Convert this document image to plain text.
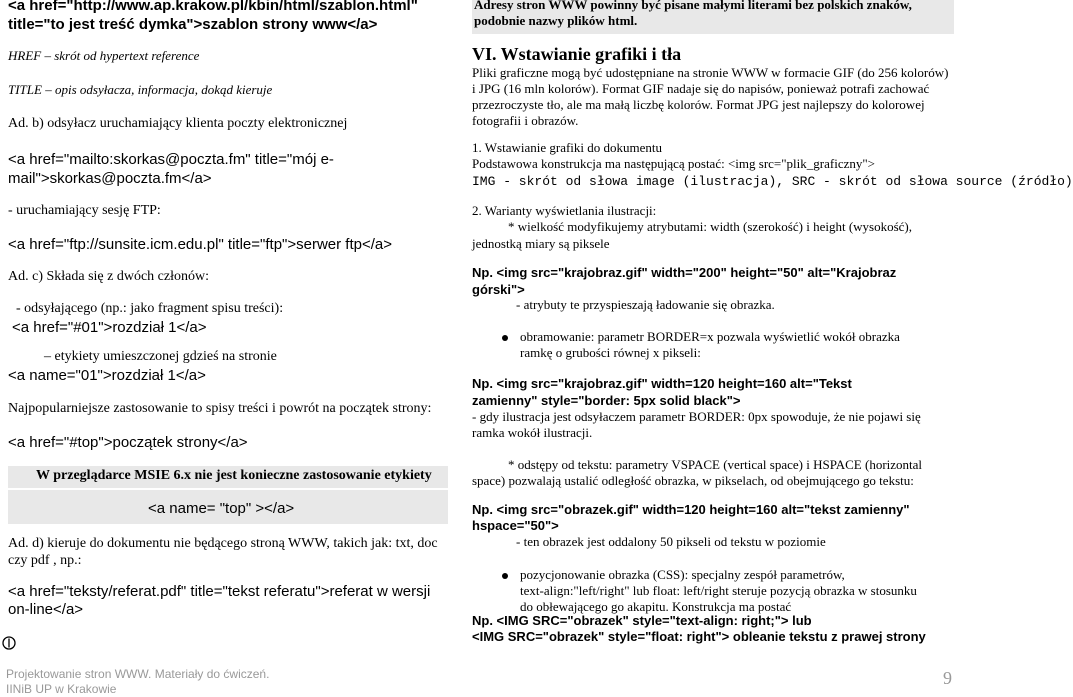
<a href="http://www.ap.krakow.pl/kbin/html/szablon.html"
title="to jest treść dymka">szablon strony www</a>
HREF – skrót od hypertext reference
TITLE – opis odsyłacza, informacja, dokąd kieruje
Ad. b) odsyłacz uruchamiający klienta poczty elektronicznej
<a href="mailto:skorkas@poczta.fm" title="mój e-
mail">skorkas@poczta.fm</a>
- uruchamiający sesję FTP:
<a href="ftp://sunsite.icm.edu.pl" title="ftp">serwer ftp</a>
Ad. c) Składa się z dwóch członów:
- odsyłającego (np.: jako fragment spisu treści):
<a href="#01">rozdział 1</a>
– etykiety umieszczonej gdzieś na stronie
<a name="01">rozdział 1</a>
Najpopularniejsze zastosowanie to spisy treści i powrót na początek strony:
<a href="#top">początek strony</a>
W przeglądarce MSIE 6.x nie jest konieczne zastosowanie etykiety
<a name= "top" ></a>
Ad. d) kieruje do dokumentu nie będącego stroną WWW, takich jak: txt, doc
czy pdf , np.:
<a href="teksty/referat.pdf" title="tekst referatu">referat w wersji
on-line</a>
Adresy stron WWW powinny być pisane małymi literami bez polskich znaków,
podobnie nazwy plików html.
VI. Wstawianie grafiki i tła
Pliki graficzne mogą być udostępniane na stronie WWW w formacie GIF (do 256 kolorów)
i JPG (16 mln kolorów). Format GIF nadaje się do napisów, ponieważ potrafi zachować
przezroczyste tło, ale ma małą liczbę kolorów. Format JPG jest najlepszy do kolorowej
fotografii i obrazów.
1. Wstawianie grafiki do dokumentu
Podstawowa konstrukcja ma następującą postać: <img src="plik_graficzny">
IMG - skrót od słowa image (ilustracja), SRC - skrót od słowa source (źródło)
2. Warianty wyświetlania ilustracji:
* wielkość modyfikujemy atrybutami: width (szerokość) i height (wysokość),
jednostką miary są piksele
Np. <img src="krajobraz.gif" width="200" height="50" alt="Krajobraz
górski">
- atrybuty te przyspieszają ładowanie się obrazka.
obramowanie: parametr BORDER=x pozwala wyświetlić wokół obrazka
ramkę o grubości równej x pikseli:
Np. <img src="krajobraz.gif" width=120 height=160 alt="Tekst
zamienny" style="border: 5px solid black">
- gdy ilustracja jest odsyłaczem parametr BORDER: 0px spowoduje, że nie pojawi się
ramka wokół ilustracji.
* odstępy od tekstu: parametry VSPACE (vertical space) i HSPACE (horizontal
space) pozwalają ustalić odległość obrazka, w pikselach, od obejmującego go tekstu:
Np. <img src="obrazek.gif" width=120 height=160 alt="tekst zamienny"
hspace="50">
- ten obrazek jest oddalony 50 pikseli od tekstu w poziomie
pozycjonowanie obrazka (CSS): specjalny zespół parametrów,
text-align:"left/right" lub float: left/right steruje pozycją obrazka w stosunku
do obłewającego go akapitu. Konstrukcja ma postać
Np. <IMG SRC="obrazek" style="text-align: right;"> lub
<IMG SRC="obrazek" style="float: right"> obleanie tekstu z prawej strony
Projektowanie stron WWW. Materiały do ćwiczeń.
IINiB UP w Krakowie
9
